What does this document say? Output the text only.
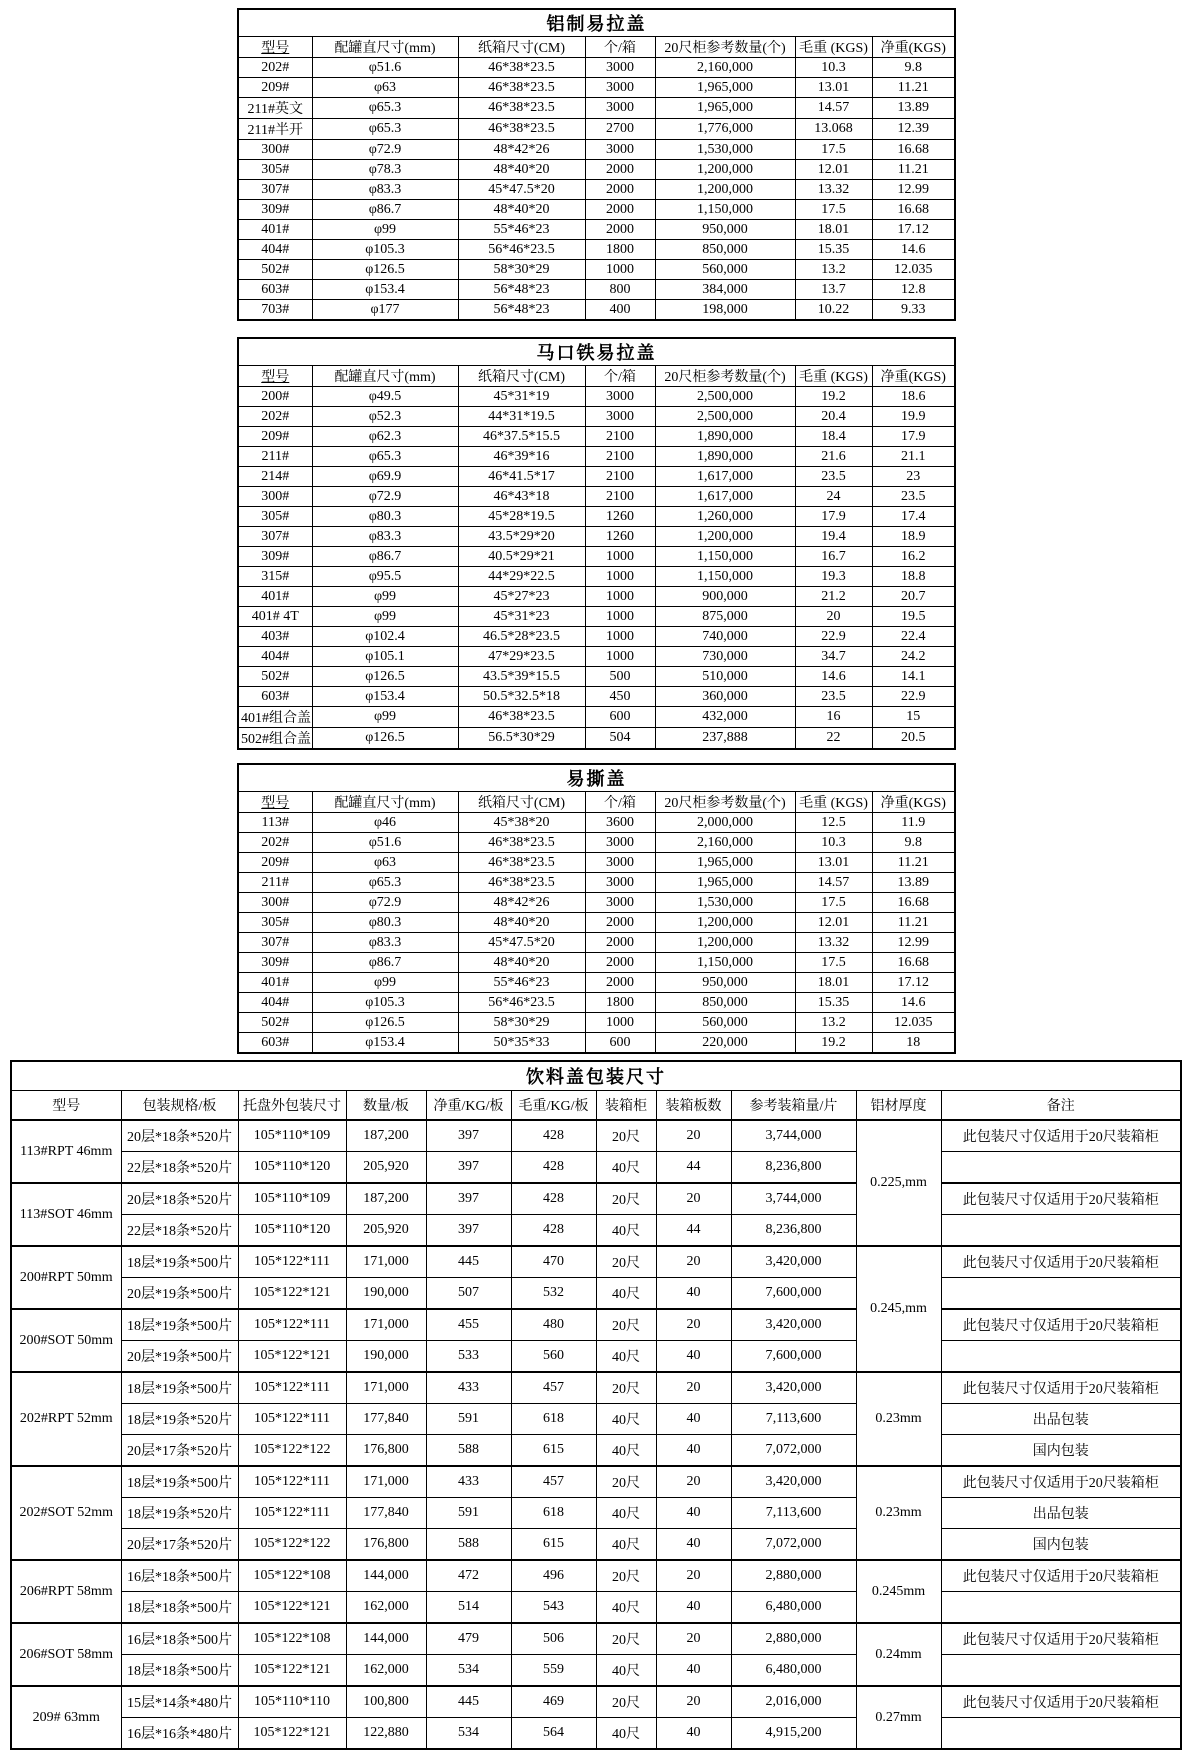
铝制易拉盖						
型号	配罐直尺寸(mm)	纸箱尺寸(CM)	个/箱	20尺柜参考数量(个)	毛重 (KGS)	净重(KGS)
202#	φ51.6	46*38*23.5	3000	2,160,000	10.3	9.8
209#	φ63	46*38*23.5	3000	1,965,000	13.01	11.21
211#英文	φ65.3	46*38*23.5	3000	1,965,000	14.57	13.89
211#半开	φ65.3	46*38*23.5	2700	1,776,000	13.068	12.39
300#	φ72.9	48*42*26	3000	1,530,000	17.5	16.68
305#	φ78.3	48*40*20	2000	1,200,000	12.01	11.21
307#	φ83.3	45*47.5*20	2000	1,200,000	13.32	12.99
309#	φ86.7	48*40*20	2000	1,150,000	17.5	16.68
401#	φ99	55*46*23	2000	950,000	18.01	17.12
404#	φ105.3	56*46*23.5	1800	850,000	15.35	14.6
502#	φ126.5	58*30*29	1000	560,000	13.2	12.035
603#	φ153.4	56*48*23	800	384,000	13.7	12.8
703#	φ177	56*48*23	400	198,000	10.22	9.33
马口铁易拉盖						
型号	配罐直尺寸(mm)	纸箱尺寸(CM)	个/箱	20尺柜参考数量(个)	毛重 (KGS)	净重(KGS)
200#	φ49.5	45*31*19	3000	2,500,000	19.2	18.6
202#	φ52.3	44*31*19.5	3000	2,500,000	20.4	19.9
209#	φ62.3	46*37.5*15.5	2100	1,890,000	18.4	17.9
211#	φ65.3	46*39*16	2100	1,890,000	21.6	21.1
214#	φ69.9	46*41.5*17	2100	1,617,000	23.5	23
300#	φ72.9	46*43*18	2100	1,617,000	24	23.5
305#	φ80.3	45*28*19.5	1260	1,260,000	17.9	17.4
307#	φ83.3	43.5*29*20	1260	1,200,000	19.4	18.9
309#	φ86.7	40.5*29*21	1000	1,150,000	16.7	16.2
315#	φ95.5	44*29*22.5	1000	1,150,000	19.3	18.8
401#	φ99	45*27*23	1000	900,000	21.2	20.7
401# 4T	φ99	45*31*23	1000	875,000	20	19.5
403#	φ102.4	46.5*28*23.5	1000	740,000	22.9	22.4
404#	φ105.1	47*29*23.5	1000	730,000	34.7	24.2
502#	φ126.5	43.5*39*15.5	500	510,000	14.6	14.1
603#	φ153.4	50.5*32.5*18	450	360,000	23.5	22.9
401#组合盖	φ99	46*38*23.5	600	432,000	16	15
502#组合盖	φ126.5	56.5*30*29	504	237,888	22	20.5
易撕盖						
型号	配罐直尺寸(mm)	纸箱尺寸(CM)	个/箱	20尺柜参考数量(个)	毛重 (KGS)	净重(KGS)
113#	φ46	45*38*20	3600	2,000,000	12.5	11.9
202#	φ51.6	46*38*23.5	3000	2,160,000	10.3	9.8
209#	φ63	46*38*23.5	3000	1,965,000	13.01	11.21
211#	φ65.3	46*38*23.5	3000	1,965,000	14.57	13.89
300#	φ72.9	48*42*26	3000	1,530,000	17.5	16.68
305#	φ80.3	48*40*20	2000	1,200,000	12.01	11.21
307#	φ83.3	45*47.5*20	2000	1,200,000	13.32	12.99
309#	φ86.7	48*40*20	2000	1,150,000	17.5	16.68
401#	φ99	55*46*23	2000	950,000	18.01	17.12
404#	φ105.3	56*46*23.5	1800	850,000	15.35	14.6
502#	φ126.5	58*30*29	1000	560,000	13.2	12.035
603#	φ153.4	50*35*33	600	220,000	19.2	18
饮料盖包装尺寸										
型号	包装规格/板	托盘外包装尺寸	数量/板	净重/KG/板	毛重/KG/板	装箱柜	装箱板数	参考装箱量/片	铝材厚度	备注
113#RPT 46mm	20层*18条*520片	105*110*109	187,200	397	428	20尺	20	3,744,000	0.225,mm	此包装尺寸仅适用于20尺装箱柜
	22层*18条*520片	105*110*120	205,920	397	428	40尺	44	8,236,800		
113#SOT 46mm	20层*18条*520片	105*110*109	187,200	397	428	20尺	20	3,744,000		此包装尺寸仅适用于20尺装箱柜
	22层*18条*520片	105*110*120	205,920	397	428	40尺	44	8,236,800		
200#RPT 50mm	18层*19条*500片	105*122*111	171,000	445	470	20尺	20	3,420,000	0.245,mm	此包装尺寸仅适用于20尺装箱柜
	20层*19条*500片	105*122*121	190,000	507	532	40尺	40	7,600,000		
200#SOT 50mm	18层*19条*500片	105*122*111	171,000	455	480	20尺	20	3,420,000		此包装尺寸仅适用于20尺装箱柜
	20层*19条*500片	105*122*121	190,000	533	560	40尺	40	7,600,000		
202#RPT 52mm	18层*19条*500片	105*122*111	171,000	433	457	20尺	20	3,420,000	0.23mm	此包装尺寸仅适用于20尺装箱柜
	18层*19条*520片	105*122*111	177,840	591	618	40尺	40	7,113,600		出品包装
	20层*17条*520片	105*122*122	176,800	588	615	40尺	40	7,072,000		国内包装
202#SOT 52mm	18层*19条*500片	105*122*111	171,000	433	457	20尺	20	3,420,000	0.23mm	此包装尺寸仅适用于20尺装箱柜
	18层*19条*520片	105*122*111	177,840	591	618	40尺	40	7,113,600		出品包装
	20层*17条*520片	105*122*122	176,800	588	615	40尺	40	7,072,000		国内包装
206#RPT 58mm	16层*18条*500片	105*122*108	144,000	472	496	20尺	20	2,880,000	0.245mm	此包装尺寸仅适用于20尺装箱柜
	18层*18条*500片	105*122*121	162,000	514	543	40尺	40	6,480,000		
206#SOT 58mm	16层*18条*500片	105*122*108	144,000	479	506	20尺	20	2,880,000	0.24mm	此包装尺寸仅适用于20尺装箱柜
	18层*18条*500片	105*122*121	162,000	534	559	40尺	40	6,480,000		
209# 63mm	15层*14条*480片	105*110*110	100,800	445	469	20尺	20	2,016,000	0.27mm	此包装尺寸仅适用于20尺装箱柜
	16层*16条*480片	105*122*121	122,880	534	564	40尺	40	4,915,200		
